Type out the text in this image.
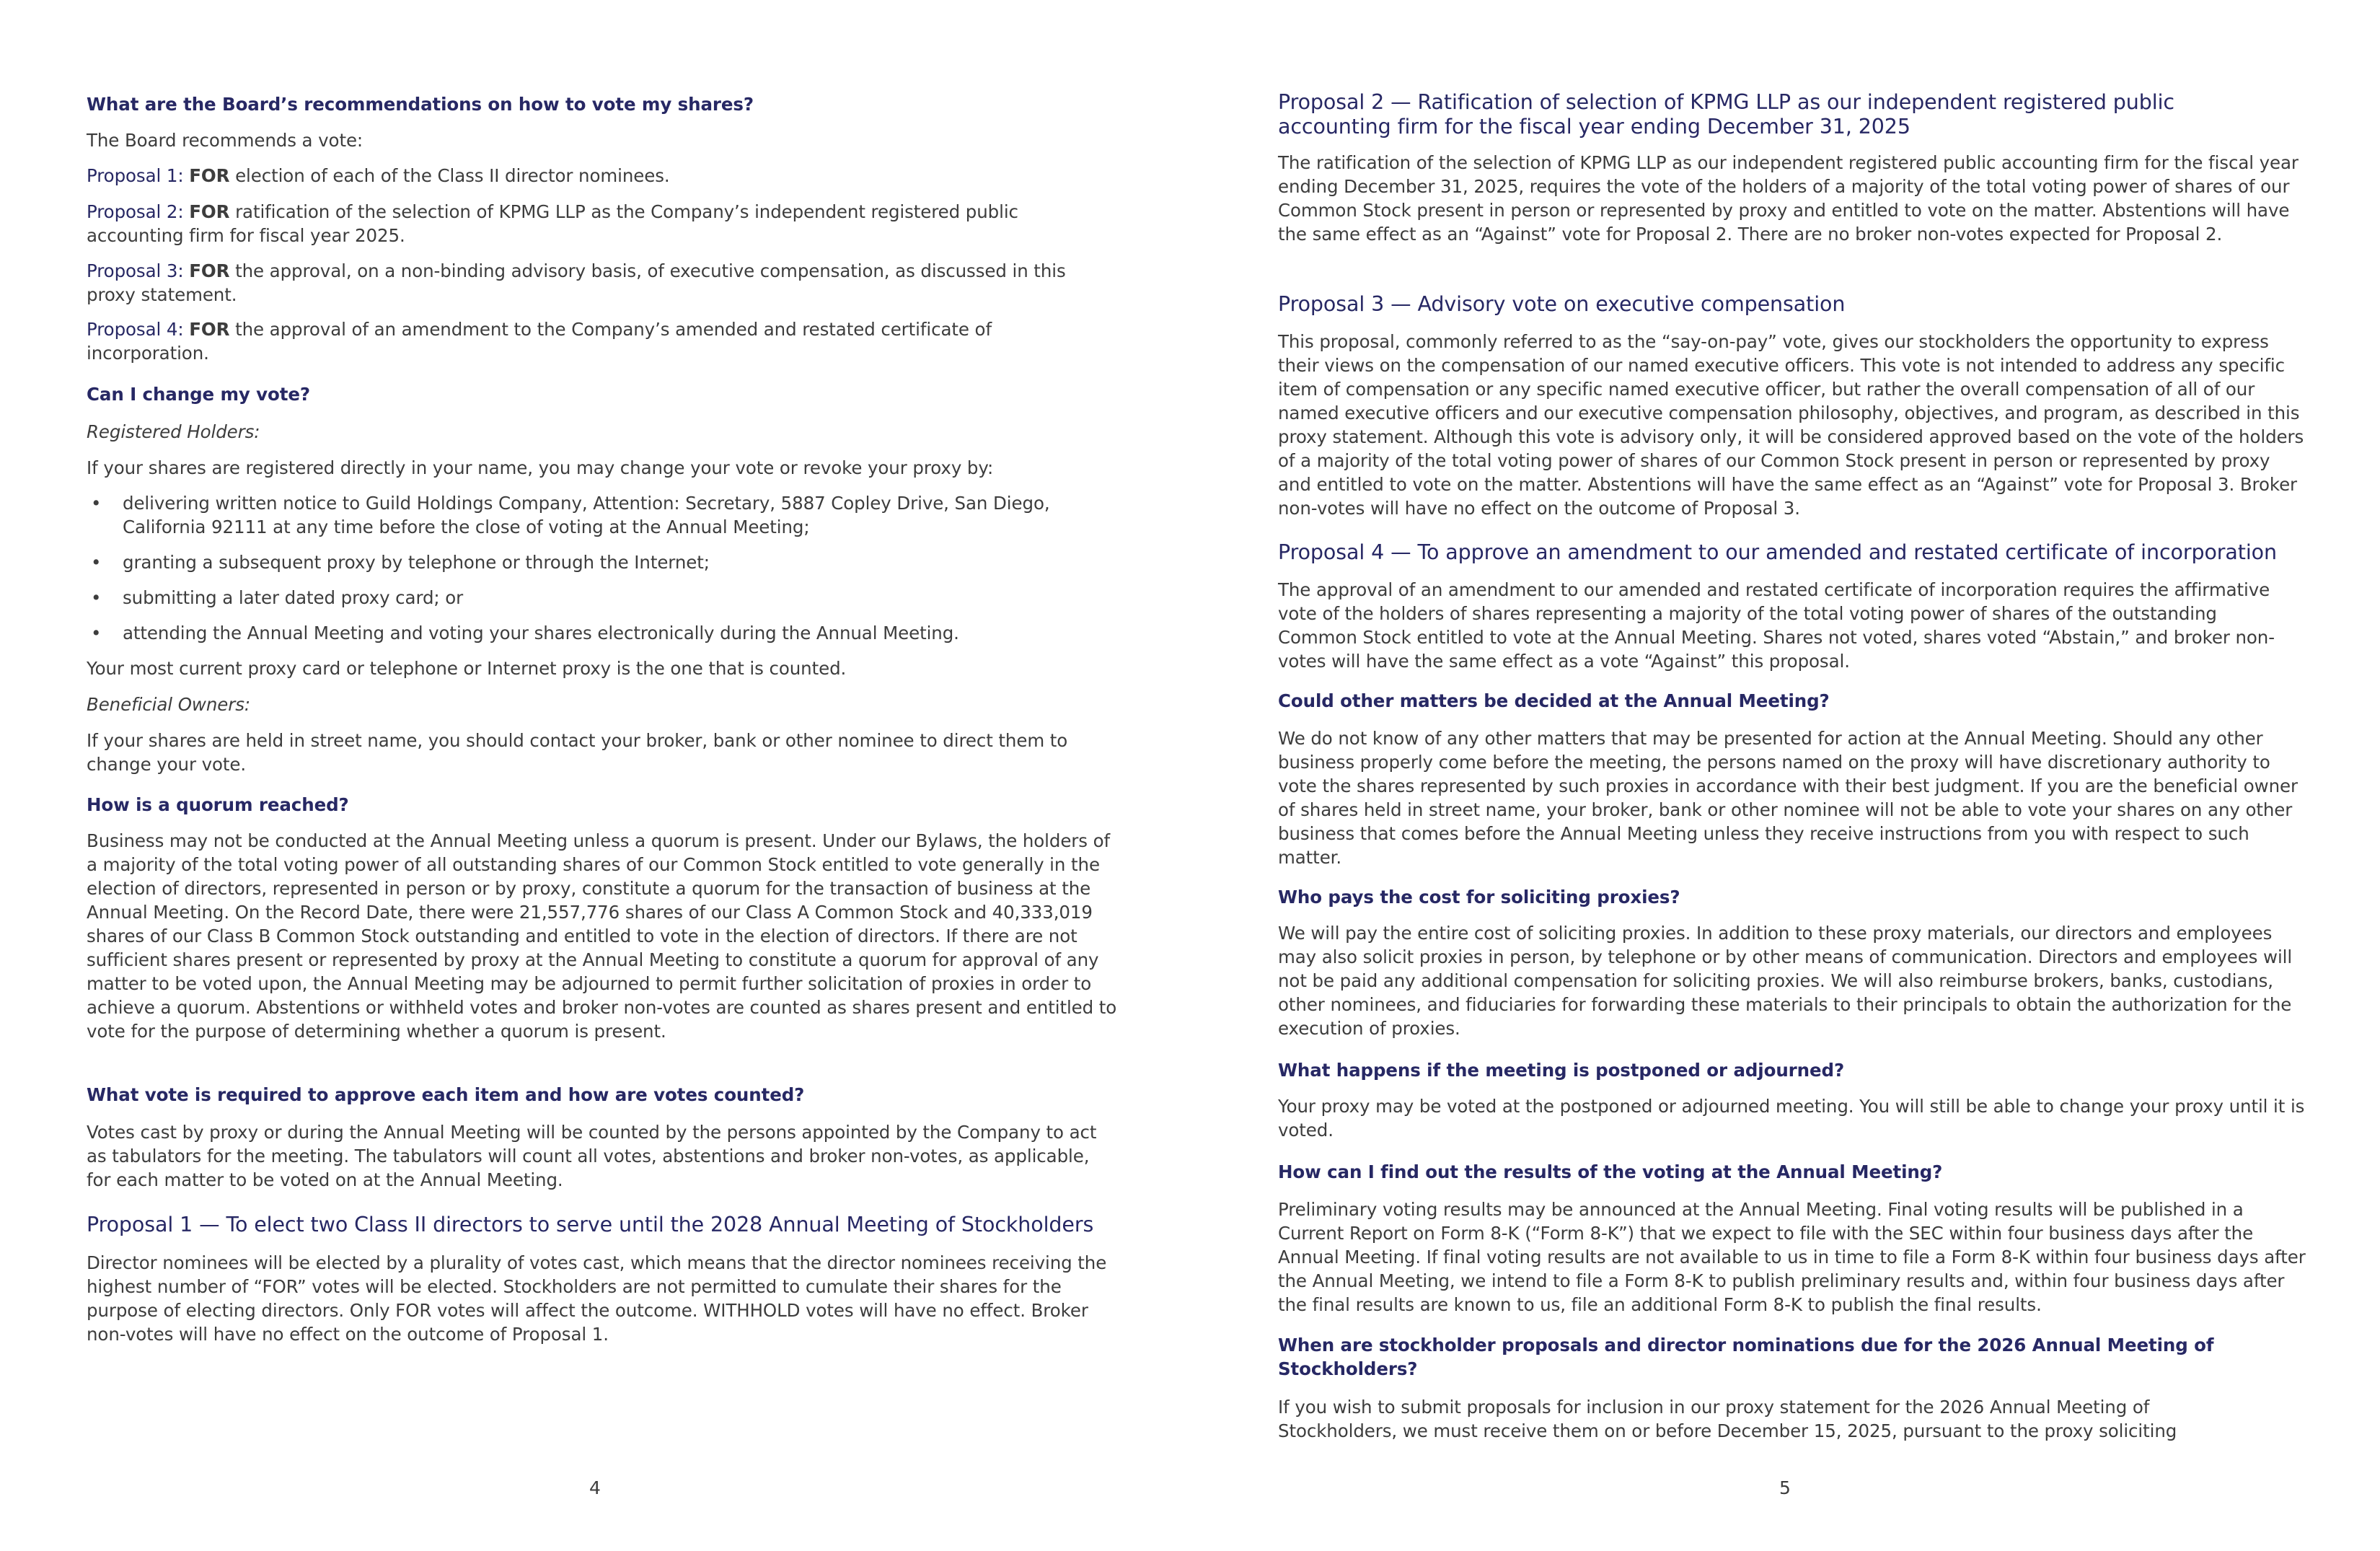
What are the Board’s recommendations on how to vote my shares?
The Board recommends a vote:
Proposal 1: FOR election of each of the Class II director nominees.
Proposal 2: FOR ratification of the selection of KPMG LLP as the Company’s independent registered public accounting firm for fiscal year 2025.
Proposal 3: FOR the approval, on a non-binding advisory basis, of executive compensation, as discussed in this proxy statement.
Proposal 4: FOR the approval of an amendment to the Company’s amended and restated certificate of incorporation.
Can I change my vote?
Registered Holders:
If your shares are registered directly in your name, you may change your vote or revoke your proxy by:
• delivering written notice to Guild Holdings Company, Attention: Secretary, 5887 Copley Drive, San Diego, California 92111 at any time before the close of voting at the Annual Meeting;
• granting a subsequent proxy by telephone or through the Internet;
• submitting a later dated proxy card; or
• attending the Annual Meeting and voting your shares electronically during the Annual Meeting.
Your most current proxy card or telephone or Internet proxy is the one that is counted.
Beneficial Owners:
If your shares are held in street name, you should contact your broker, bank or other nominee to direct them to change your vote.
How is a quorum reached?
Business may not be conducted at the Annual Meeting unless a quorum is present. Under our Bylaws, the holders of a majority of the total voting power of all outstanding shares of our Common Stock entitled to vote generally in the election of directors, represented in person or by proxy, constitute a quorum for the transaction of business at the Annual Meeting. On the Record Date, there were 21,557,776 shares of our Class A Common Stock and 40,333,019 shares of our Class B Common Stock outstanding and entitled to vote in the election of directors. If there are not sufficient shares present or represented by proxy at the Annual Meeting to constitute a quorum for approval of any matter to be voted upon, the Annual Meeting may be adjourned to permit further solicitation of proxies in order to achieve a quorum. Abstentions or withheld votes and broker non-votes are counted as shares present and entitled to vote for the purpose of determining whether a quorum is present.
What vote is required to approve each item and how are votes counted?
Votes cast by proxy or during the Annual Meeting will be counted by the persons appointed by the Company to act as tabulators for the meeting. The tabulators will count all votes, abstentions and broker non-votes, as applicable, for each matter to be voted on at the Annual Meeting.
Proposal 1 — To elect two Class II directors to serve until the 2028 Annual Meeting of Stockholders
Director nominees will be elected by a plurality of votes cast, which means that the director nominees receiving the highest number of “FOR” votes will be elected. Stockholders are not permitted to cumulate their shares for the purpose of electing directors. Only FOR votes will affect the outcome. WITHHOLD votes will have no effect. Broker non-votes will have no effect on the outcome of Proposal 1.
4
Proposal 2 — Ratification of selection of KPMG LLP as our independent registered public accounting firm for the fiscal year ending December 31, 2025
The ratification of the selection of KPMG LLP as our independent registered public accounting firm for the fiscal year ending December 31, 2025, requires the vote of the holders of a majority of the total voting power of shares of our Common Stock present in person or represented by proxy and entitled to vote on the matter. Abstentions will have the same effect as an “Against” vote for Proposal 2. There are no broker non-votes expected for Proposal 2.
Proposal 3 — Advisory vote on executive compensation
This proposal, commonly referred to as the “say-on-pay” vote, gives our stockholders the opportunity to express their views on the compensation of our named executive officers. This vote is not intended to address any specific item of compensation or any specific named executive officer, but rather the overall compensation of all of our named executive officers and our executive compensation philosophy, objectives, and program, as described in this proxy statement. Although this vote is advisory only, it will be considered approved based on the vote of the holders of a majority of the total voting power of shares of our Common Stock present in person or represented by proxy and entitled to vote on the matter. Abstentions will have the same effect as an “Against” vote for Proposal 3. Broker non-votes will have no effect on the outcome of Proposal 3.
Proposal 4 — To approve an amendment to our amended and restated certificate of incorporation
The approval of an amendment to our amended and restated certificate of incorporation requires the affirmative vote of the holders of shares representing a majority of the total voting power of shares of the outstanding Common Stock entitled to vote at the Annual Meeting. Shares not voted, shares voted “Abstain,” and broker non-votes will have the same effect as a vote “Against” this proposal.
Could other matters be decided at the Annual Meeting?
We do not know of any other matters that may be presented for action at the Annual Meeting. Should any other business properly come before the meeting, the persons named on the proxy will have discretionary authority to vote the shares represented by such proxies in accordance with their best judgment. If you are the beneficial owner of shares held in street name, your broker, bank or other nominee will not be able to vote your shares on any other business that comes before the Annual Meeting unless they receive instructions from you with respect to such matter.
Who pays the cost for soliciting proxies?
We will pay the entire cost of soliciting proxies. In addition to these proxy materials, our directors and employees may also solicit proxies in person, by telephone or by other means of communication. Directors and employees will not be paid any additional compensation for soliciting proxies. We will also reimburse brokers, banks, custodians, other nominees, and fiduciaries for forwarding these materials to their principals to obtain the authorization for the execution of proxies.
What happens if the meeting is postponed or adjourned?
Your proxy may be voted at the postponed or adjourned meeting. You will still be able to change your proxy until it is voted.
How can I find out the results of the voting at the Annual Meeting?
Preliminary voting results may be announced at the Annual Meeting. Final voting results will be published in a Current Report on Form 8-K (“Form 8-K”) that we expect to file with the SEC within four business days after the Annual Meeting. If final voting results are not available to us in time to file a Form 8-K within four business days after the Annual Meeting, we intend to file a Form 8-K to publish preliminary results and, within four business days after the final results are known to us, file an additional Form 8-K to publish the final results.
When are stockholder proposals and director nominations due for the 2026 Annual Meeting of Stockholders?
If you wish to submit proposals for inclusion in our proxy statement for the 2026 Annual Meeting of Stockholders, we must receive them on or before December 15, 2025, pursuant to the proxy soliciting
5
